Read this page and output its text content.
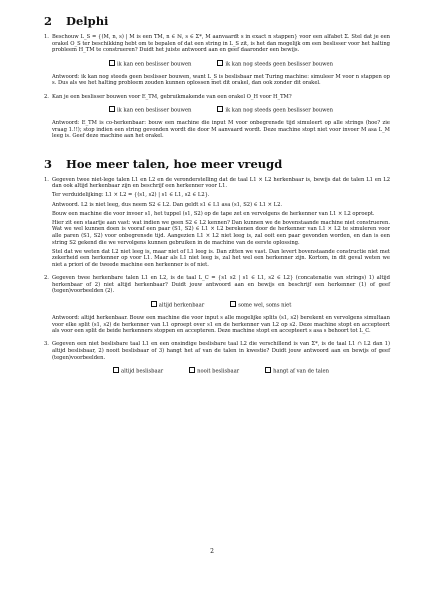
2	Delphi
1. Beschouw L_S = {(M, n, s) | M is een TM, n ∈ ℕ, s ∈ Σ*, M aanvaardt s in exact n stappen} voor een alfabet Σ. Stel dat je een orakel O_S ter beschikking hebt om te bepalen of dat een string in L_S zit, is het dan mogelijk om een beslisser voor het halting probleem H_TM te construeren? Duidt het juiste antwoord aan en geef daaronder een bewijs.

ik kan een beslisser bouwen	ik kan nog steeds geen beslisser bouwen

Antwoord: ik kan nog steeds geen beslisser bouwen, want L_S is beslisbaar met Turing machine: simuleer M voor n stappen op s. Dus als we het halting probleem zouden kunnen oplossen met dit orakel, dan ook zonder dit orakel.

2. Kan je een beslisser bouwen voor E_TM, gebruikmakende van een orakel O_H voor H_TM?

ik kan een beslisser bouwen	ik kan nog steeds geen beslisser bouwen

Antwoord: E_TM is co-herkenbaar: bouw een machine die input M voor onbegrensde tijd simuleert op alle strings (hoe? zie vraag 1.!!); stop indien een string gevonden wordt die door M aanvaard wordt. Deze machine stopt niet voor invoer M asa L_M leeg is. Geef deze machine aan het orakel.

3	Hoe meer talen, hoe meer vreugd
1. Gegeven twee niet-lege talen L1 en L2 en de veronderstelling dat de taal L1 × L2 herkenbaar is, bewijs dat de talen L1 en L2 dan ook altijd herkenbaar zijn en beschrijf een herkenner voor L1.

Ter verduidelijking: L1 × L2 = {(s1, s2) | s1 ∈ L1, s2 ∈ L2}.

Antwoord. L2 is niet leeg, dus neem S2 ∈ L2. Dan geldt s1 ∈ L1 asa (s1, S2) ∈ L1 × L2.

Bouw een machine die voor invoer s1, het tuppel (s1, S2) op de tape zet en vervolgens de herkenner van L1 × L2 oproept.

Hier zit een staartje aan vast: wat indien we geen S2 ∈ L2 kennen? Dan kunnen we de bovenstaande machine niet construeren. Wat we wel kunnen doen is vooraf een paar (S1, S2) ∈ L1 × L2 berekenen door de herkenner van L1 × L2 te simuleren voor alle paren (S1, S2) voor onbegrensde tijd. Aangezien L1 × L2 niet leeg is, zal ooit een paar gevonden worden, en dan is een string S2 gekend die we vervolgens kunnen gebruiken in de machine van de eerste oplossing.

Stel dat we weten dat L2 niet leeg is, maar niet of L1 leeg is. Dan zitten we vast. Dan levert bovenstaande constructie niet met zekerheid een herkenner op voor L1. Maar als L1 niet leeg is, zal het wel een herkenner zijn. Kortom, in dit geval weten we niet a priori of de tweede machine een herkenner is of niet.

2. Gegeven twee herkenbare talen L1 en L2, is de taal L_C = {s1 s2 | s1 ∈ L1, s2 ∈ L2} (concatenatie van strings) 1) altijd herkenbaar of 2) niet altijd herkenbaar? Duidt jouw antwoord aan en bewijs en beschrijf een herkenner (1) of geef (tegen)voorbeelden (2).

altijd herkenbaar	some wel, soms niet

Antwoord: altijd herkenbaar. Bouw een machine die voor input s alle mogelijke splits (s1, s2) berekent en vervolgens simultaan voor elke split (s1, s2) de herkenner van L1 oproept over s1 en de herkenner van L2 op s2. Deze machine stopt en accepteert als voor een split de beide herkenners stoppen en accepteren. Deze machine stopt en accepteert s asa s behoort tot L_C.

3. Gegeven een niet beslisbare taal L1 en een onsindige beslisbare taal L2 die verschillend is van Σ*, is de taal L1 ∩ L2 dan 1) altijd beslisbaar, 2) nooit beslisbaar of 3) hangt het af van de talen in kwestie? Duidt jouw antwoord aan en bewijs of geef (tegen)voorbeelden.

altijd beslisbaar	nooit beslisbaar	hangt af van de talen
2
